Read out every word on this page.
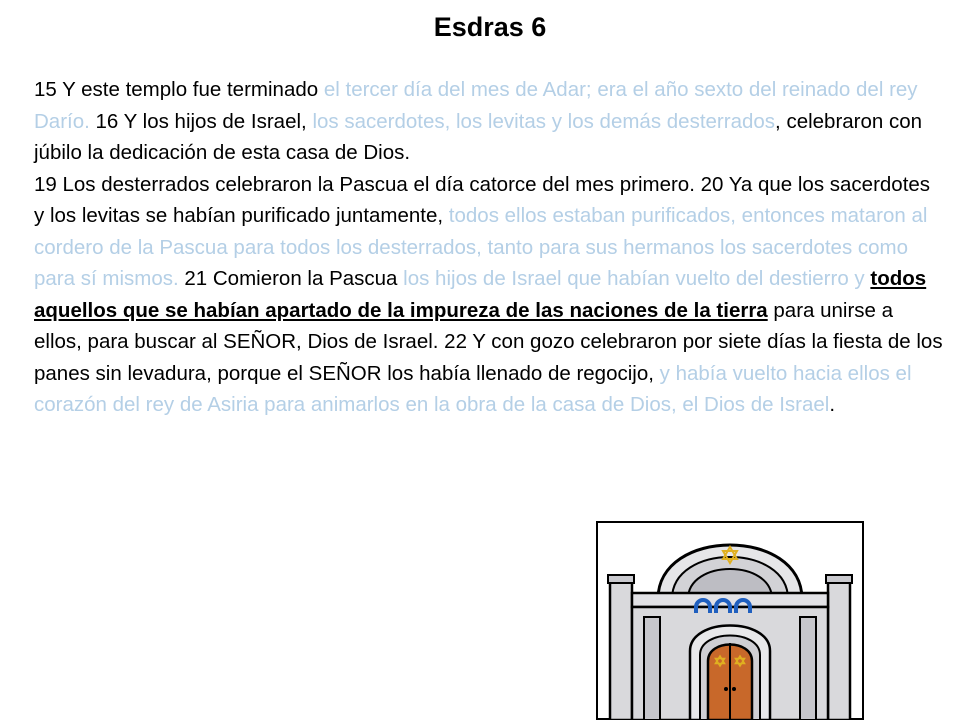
Esdras 6

15 Y este templo fue terminado el tercer día del mes de Adar; era el año sexto del reinado del rey Darío. 16 Y los hijos de Israel, los sacerdotes, los levitas y los demás desterrados, celebraron con júbilo la dedicación de esta casa de Dios.

19 Los desterrados celebraron la Pascua el día catorce del mes primero. 20 Ya que los sacerdotes y los levitas se habían purificado juntamente, todos ellos estaban purificados, entonces mataron al cordero de la Pascua para todos los desterrados, tanto para sus hermanos los sacerdotes como para sí mismos. 21 Comieron la Pascua los hijos de Israel que habían vuelto del destierro y todos aquellos que se habían apartado de la impureza de las naciones de la tierra para unirse a ellos, para buscar al SEÑOR, Dios de Israel. 22 Y con gozo celebraron por siete días la fiesta de los panes sin levadura, porque el SEÑOR los había llenado de regocijo, y había vuelto hacia ellos el corazón del rey de Asiria para animarlos en la obra de la casa de Dios, el Dios de Israel.
